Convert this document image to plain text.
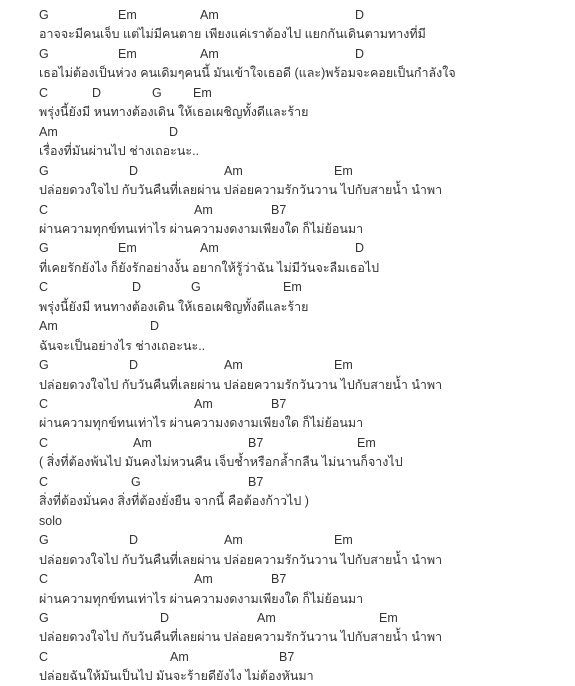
G	Em	Am	D
อาจจะมีคนเจ็บ แต่ไม่มีคนตาย เพียงแค่เราต้องไป แยกกันเดินตามทางที่มี
G	Em	Am	D
เธอไม่ต้องเป็นห่วง คนเดิมๆคนนี้ มันเข้าใจเธอดี (และ)พร้อมจะคอยเป็นกำลังใจ
C	D	G	Em
พรุ่งนี้ยังมี หนทางต้องเดิน ให้เธอเผชิญทั้งดีและร้าย
Am	D
เรื่องที่มันผ่านไป ช่างเถอะนะ..
G	D	Am	Em
ปล่อยดวงใจไป กับวันคืนที่เลยผ่าน ปล่อยความรักวันวาน ไปกับสายน้ำ นำพา
C	Am	B7
ผ่านความทุกข์ทนเท่าไร ผ่านความงดงามเพียงใด ก็ไม่ย้อนมา
G	Em	Am	D
ที่เคยรักยังไง ก็ยังรักอย่างงั้น อยากให้รู้ว่าฉัน ไม่มีวันจะลืมเธอไป
C	D	G	Em
พรุ่งนี้ยังมี หนทางต้องเดิน ให้เธอเผชิญทั้งดีและร้าย
Am	D
ฉันจะเป็นอย่างไร ช่างเถอะนะ..
G	D	Am	Em
ปล่อยดวงใจไป กับวันคืนที่เลยผ่าน ปล่อยความรักวันวาน ไปกับสายน้ำ นำพา
C	Am	B7
ผ่านความทุกข์ทนเท่าไร ผ่านความงดงามเพียงใด ก็ไม่ย้อนมา
C	Am	B7	Em
( สิ่งที่ต้องพ้นไป มันคงไม่หวนคืน เจ็บช้ำหรือกล้ำกลืน ไม่นานก็จางไป
C	G	B7
สิ่งที่ต้องมั่นคง สิ่งที่ต้องยั่งยืน จากนี้ คือต้องก้าวไป )
solo
G	D	Am	Em
ปล่อยดวงใจไป กับวันคืนที่เลยผ่าน ปล่อยความรักวันวาน ไปกับสายน้ำ นำพา
C	Am	B7
ผ่านความทุกข์ทนเท่าไร ผ่านความงดงามเพียงใด ก็ไม่ย้อนมา
G	D	Am	Em
ปล่อยดวงใจไป กับวันคืนที่เลยผ่าน ปล่อยความรักวันวาน ไปกับสายน้ำ นำพา
C	Am	B7
ปล่อยฉันให้มันเป็นไป มันจะร้ายดียังไง ไม่ต้องหันมา
